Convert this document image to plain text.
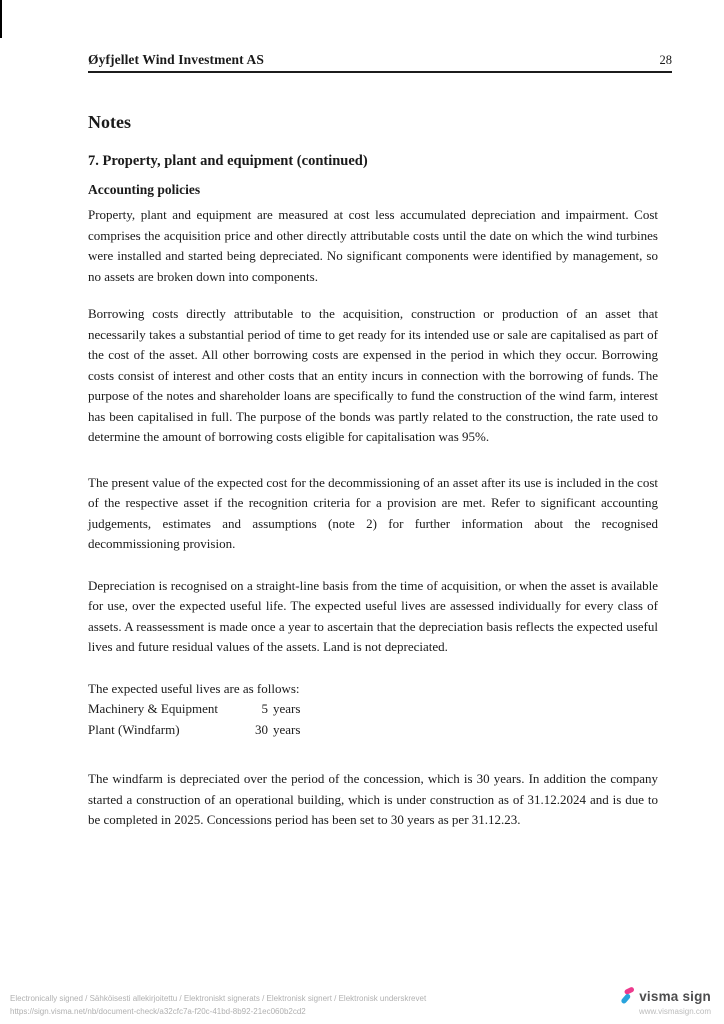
Øyfjellet Wind Investment AS	28
Notes
7. Property, plant and equipment (continued)
Accounting policies

Property, plant and equipment are measured at cost less accumulated depreciation and impairment. Cost comprises the acquisition price and other directly attributable costs until the date on which the wind turbines were installed and started being depreciated. No significant components were identified by management, so no assets are broken down into components.

Borrowing costs directly attributable to the acquisition, construction or production of an asset that necessarily takes a substantial period of time to get ready for its intended use or sale are capitalised as part of the cost of the asset. All other borrowing costs are expensed in the period in which they occur. Borrowing costs consist of interest and other costs that an entity incurs in connection with the borrowing of funds. The purpose of the notes and shareholder loans are specifically to fund the construction of the wind farm, interest has been capitalised in full. The purpose of the bonds was partly related to the construction, the rate used to determine the amount of borrowing costs eligible for capitalisation was 95%.

The present value of the expected cost for the decommissioning of an asset after its use is included in the cost of the respective asset if the recognition criteria for a provision are met. Refer to significant accounting judgements, estimates and assumptions (note 2) for further information about the recognised decommissioning provision.

Depreciation is recognised on a straight-line basis from the time of acquisition, or when the asset is available for use, over the expected useful life. The expected useful lives are assessed individually for every class of assets. A reassessment is made once a year to ascertain that the depreciation basis reflects the expected useful lives and future residual values of the assets. Land is not depreciated.

The expected useful lives are as follows:

Machinery & Equipment	5 years
Plant (Windfarm)	30 years

The windfarm is depreciated over the period of the concession, which is 30 years. In addition the company started a construction of an operational building, which is under construction as of 31.12.2024 and is due to be completed in 2025. Concessions period has been set to 30 years as per 31.12.23.

Electronically signed / Sähköisesti allekirjoitettu / Elektroniskt signerats / Elektronisk signert / Elektronisk underskrevet
https://sign.visma.net/nb/document-check/a32cfc7a-f20c-41bd-8b92-21ec060b2cd2
visma sign
www.vismasign.com
